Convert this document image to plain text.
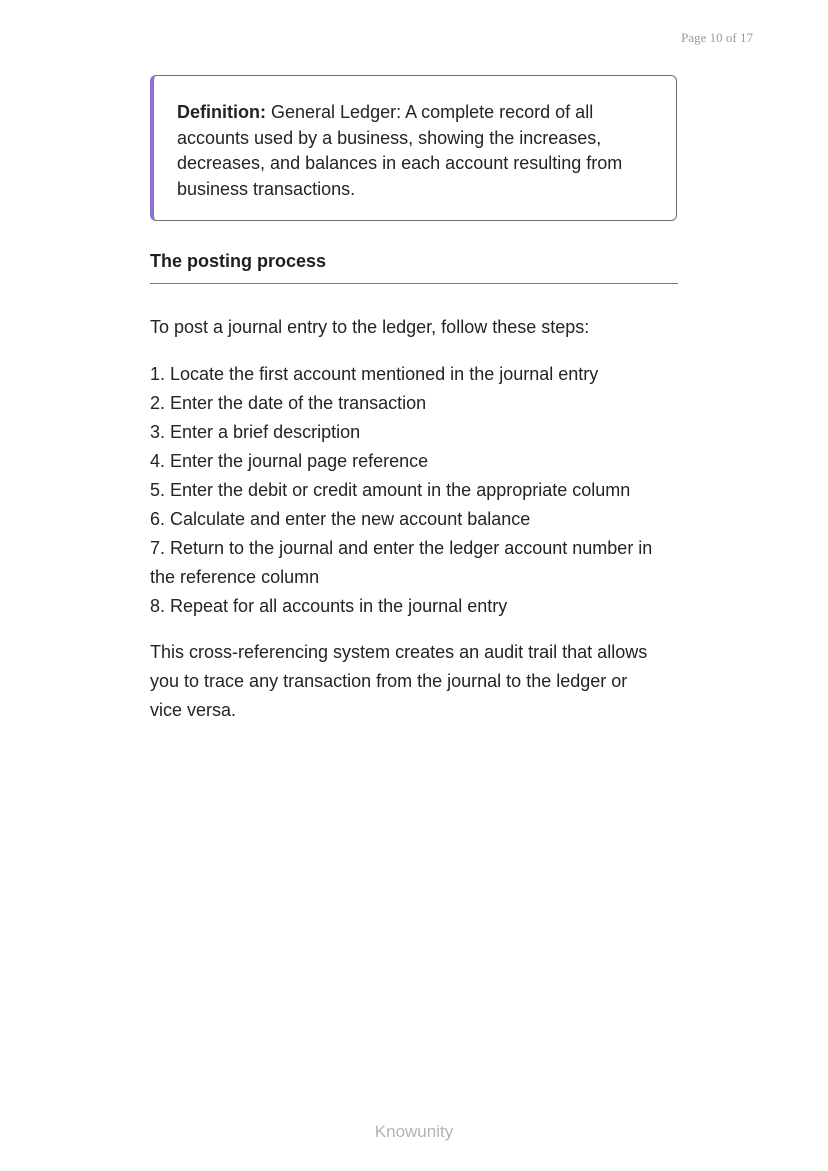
Page 10 of 17
Definition: General Ledger: A complete record of all accounts used by a business, showing the increases, decreases, and balances in each account resulting from business transactions.
The posting process

To post a journal entry to the ledger, follow these steps:

1. Locate the first account mentioned in the journal entry
2. Enter the date of the transaction
3. Enter a brief description
4. Enter the journal page reference
5. Enter the debit or credit amount in the appropriate column
6. Calculate and enter the new account balance
7. Return to the journal and enter the ledger account number in the reference column
8. Repeat for all accounts in the journal entry

This cross-referencing system creates an audit trail that allows you to trace any transaction from the journal to the ledger or vice versa.

Knowunity
